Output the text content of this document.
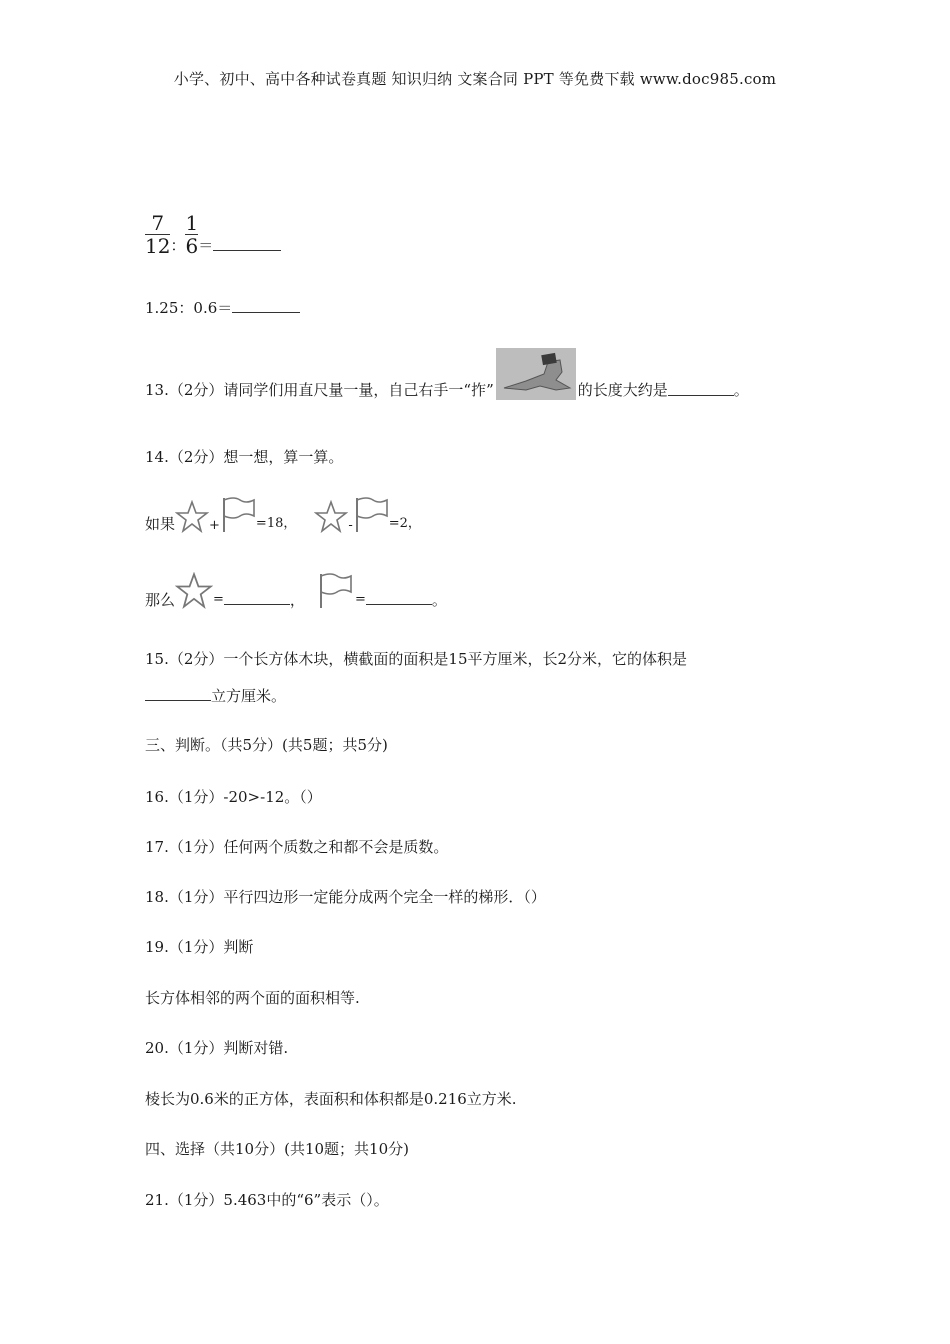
小学、初中、高中各种试卷真题 知识归纳 文案合同 PPT 等免费下载 www.doc985.com
$\frac{7}{12}$ ： $\frac{1}{6}$ ＝
1.25：0.6＝
13.（2分）请同学们用直尺量一量，自己右手一“拃”	的长度大约是	。
14.（2分）想一想，算一算。
如果	+	=18，	-	=2，
那么	=	，	=	。
15.（2分）一个长方体木块，横截面的面积是15平方厘米，长2分米，它的体积是
立方厘米。
三、判断。（共5分）(共5题；共5分)
16.（1分）-20>-12。（）
17.（1分）任何两个质数之和都不会是质数。
18.（1分）平行四边形一定能分成两个完全一样的梯形．（）
19.（1分）判断
长方体相邻的两个面的面积相等.
20.（1分）判断对错.
棱长为0.6米的正方体，表面积和体积都是0.216立方米.
四、选择（共10分）(共10题；共10分)
21.（1分）5.463中的“6”表示（）。
